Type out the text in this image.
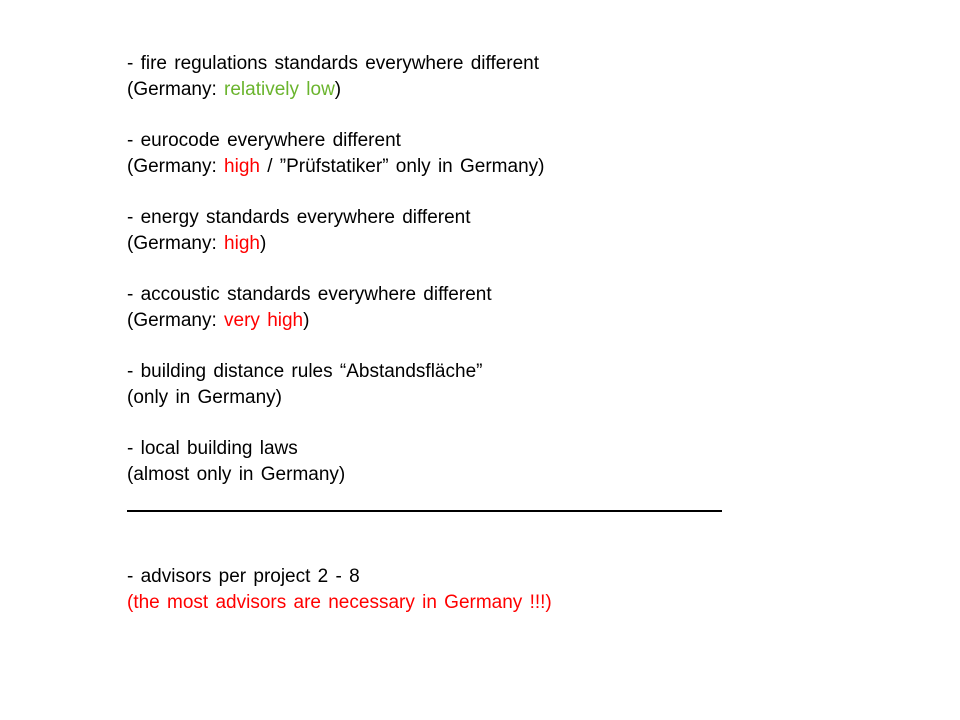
- fire regulations standards everywhere different
(Germany: relatively low)
- eurocode everywhere different
(Germany: high / ”Prüfstatiker” only in Germany)
- energy standards everywhere different
(Germany: high)
- accoustic standards everywhere different
(Germany: very high)
- building distance rules “Abstandsfläche”
(only in Germany)
- local building laws
(almost only in Germany)
- advisors per project 2 - 8
(the most advisors are necessary in Germany !!!)
